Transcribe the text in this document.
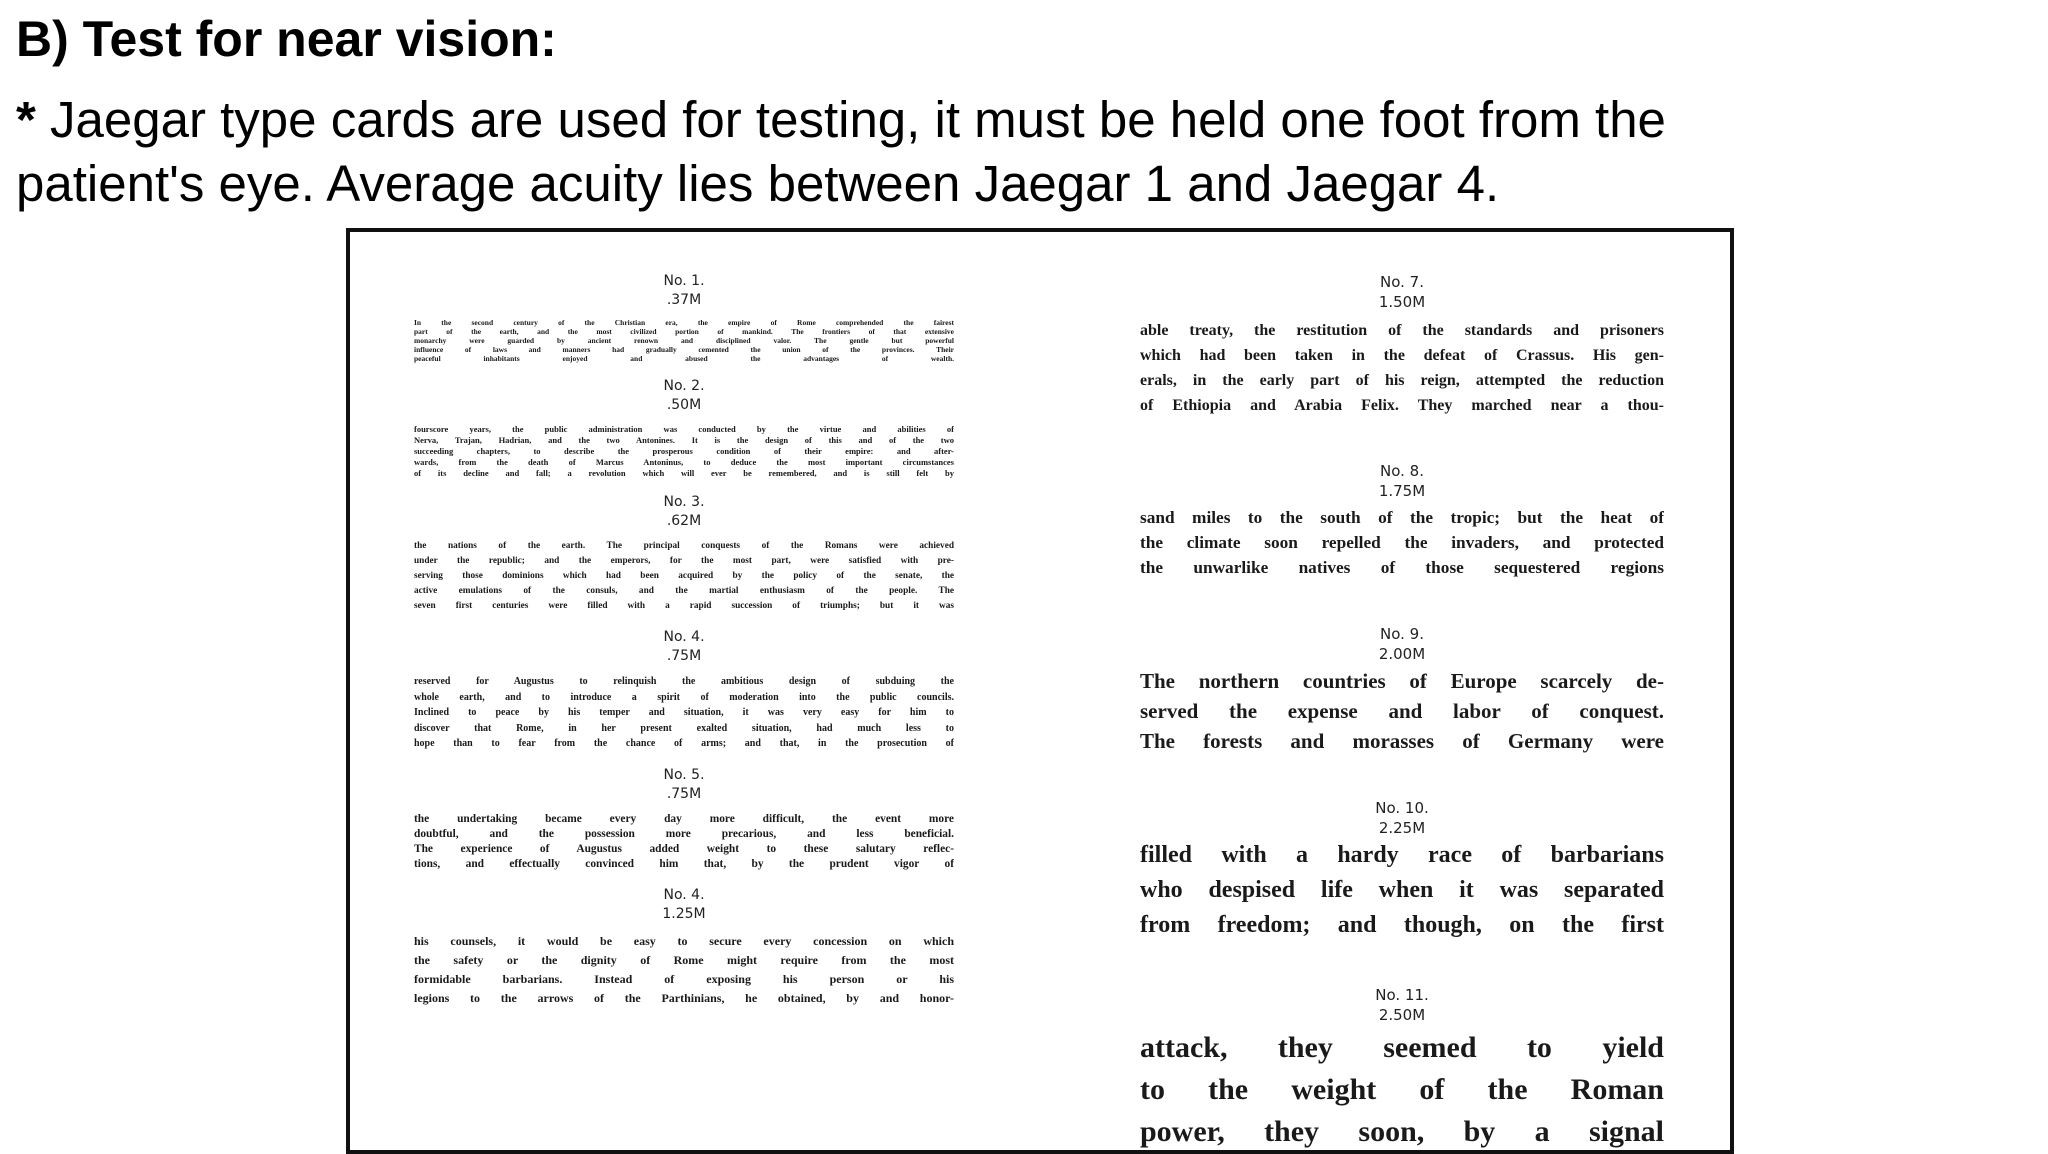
B) Test for near vision:
* Jaegar type cards are used for testing, it must be held one foot from the
patient's eye. Average acuity lies between Jaegar 1 and Jaegar 4.
No. 1.
.37M
In the second century of the Christian era, the empire of Rome comprehended the fairest
part of the earth, and the most civilized portion of mankind. The frontiers of that extensive
monarchy were guarded by ancient renown and disciplined valor. The gentle but powerful
influence of laws and manners had gradually cemented the union of the provinces. Their
peaceful inhabitants enjoyed and abused the advantages of wealth.
No. 2.
.50M
fourscore years, the public administration was conducted by the virtue and abilities of
Nerva, Trajan, Hadrian, and the two Antonines. It is the design of this and of the two
succeeding chapters, to describe the prosperous condition of their empire: and after-
wards, from the death of Marcus Antoninus, to deduce the most important circumstances
of its decline and fall; a revolution which will ever be remembered, and is still felt by
No. 3.
.62M
the nations of the earth. The principal conquests of the Romans were achieved
under the republic; and the emperors, for the most part, were satisfied with pre-
serving those dominions which had been acquired by the policy of the senate, the
active emulations of the consuls, and the martial enthusiasm of the people. The
seven first centuries were filled with a rapid succession of triumphs; but it was
No. 4.
.75M
reserved for Augustus to relinquish the ambitious design of subduing the
whole earth, and to introduce a spirit of moderation into the public councils.
Inclined to peace by his temper and situation, it was very easy for him to
discover that Rome, in her present exalted situation, had much less to
hope than to fear from the chance of arms; and that, in the prosecution of
No. 5.
.75M
the undertaking became every day more difficult, the event more
doubtful, and the possession more precarious, and less beneficial.
The experience of Augustus added weight to these salutary reflec-
tions, and effectually convinced him that, by the prudent vigor of
No. 4.
1.25M
his counsels, it would be easy to secure every concession on which
the safety or the dignity of Rome might require from the most
formidable barbarians. Instead of exposing his person or his
legions to the arrows of the Parthinians, he obtained, by and honor-
No. 7.
1.50M
able treaty, the restitution of the standards and prisoners
which had been taken in the defeat of Crassus. His gen-
erals, in the early part of his reign, attempted the reduction
of Ethiopia and Arabia Felix. They marched near a thou-
No. 8.
1.75M
sand miles to the south of the tropic; but the heat of
the climate soon repelled the invaders, and protected
the unwarlike natives of those sequestered regions
No. 9.
2.00M
The northern countries of Europe scarcely de-
served the expense and labor of conquest.
The forests and morasses of Germany were
No. 10.
2.25M
filled with a hardy race of barbarians
who despised life when it was separated
from freedom; and though, on the first
No. 11.
2.50M
attack, they seemed to yield
to the weight of the Roman
power, they soon, by a signal
